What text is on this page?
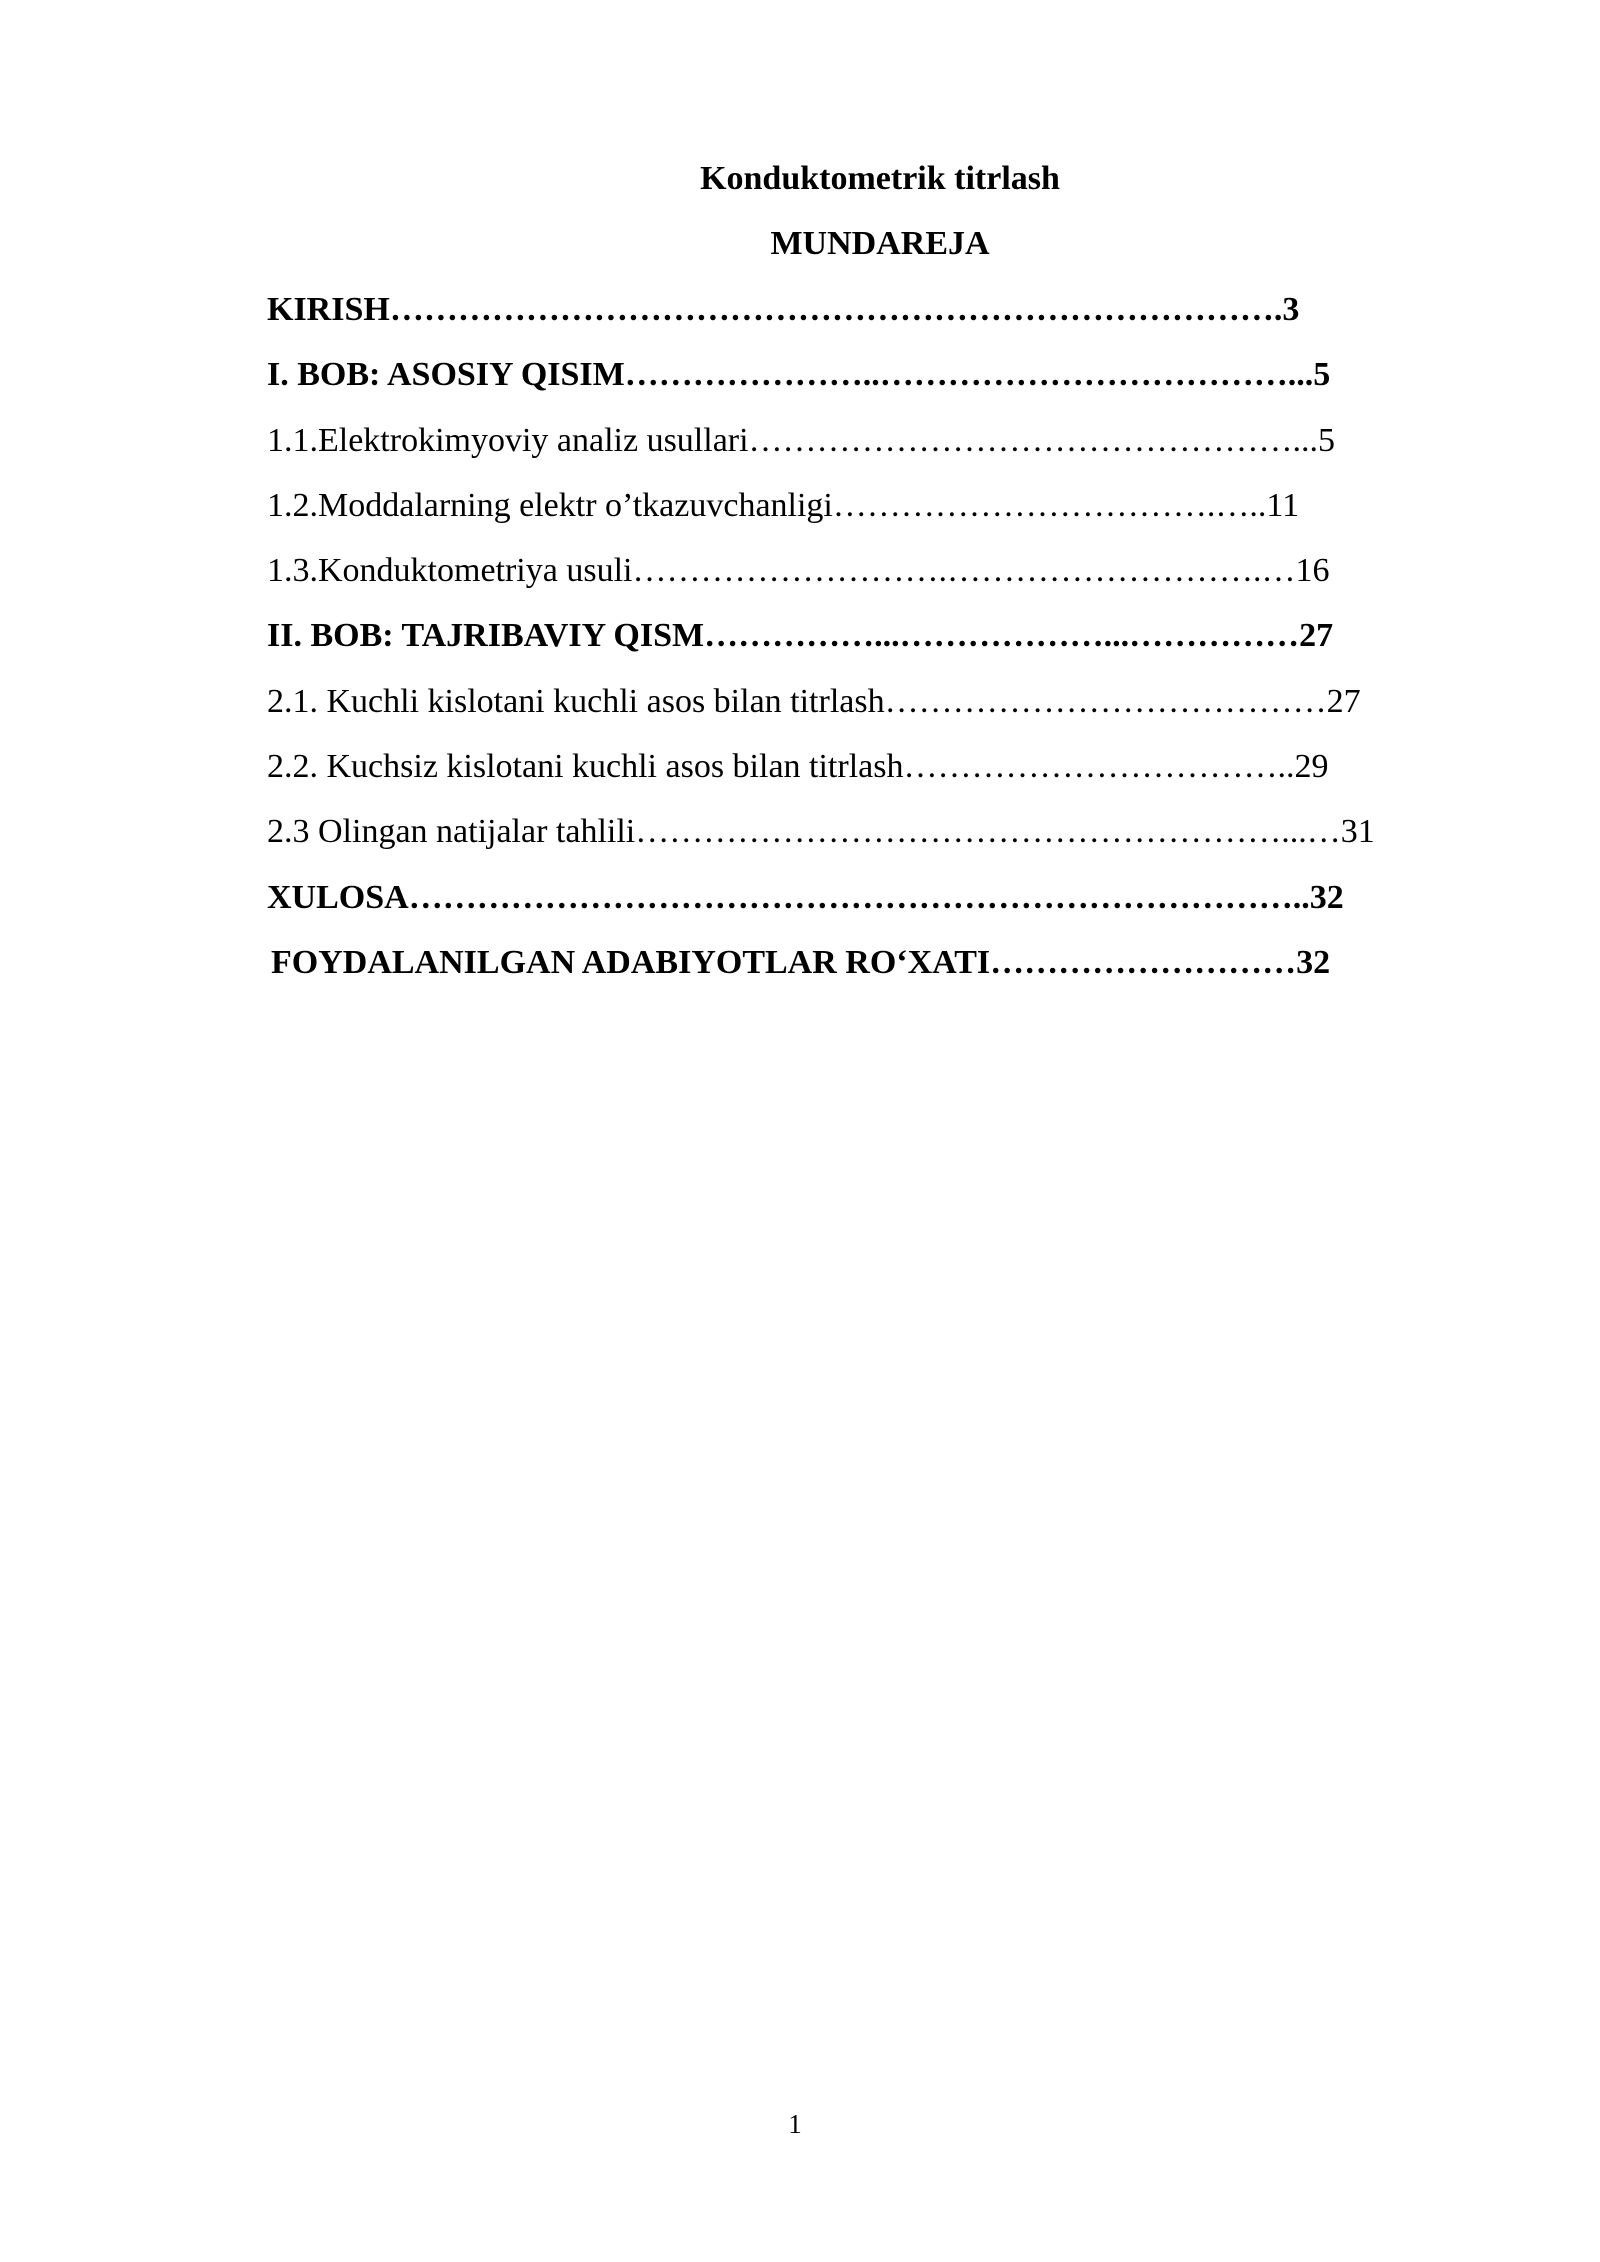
Konduktometrik titrlash
MUNDAREJA
KIRISH…………………………………………………………………….3
I. BOB: ASOSIY QISIM…………………..………………………………...5
1.1.Elektrokimyoviy analiz usullari…………………………………………...5
1.2.Moddalarning elektr o’tkazuvchanligi…………………………….…..11
1.3.Konduktometriya usuli……………………….……………………….…16
II. BOB: TAJRIBAVIY QISM……………...………………...……………27
2.1. Kuchli kislotani kuchli asos bilan titrlash…………………………………27
2.2. Kuchsiz kislotani kuchli asos bilan titrlash……………………………..29
2.3 Olingan natijalar tahlili…………………………………………………...…31
XULOSA……………………………………………………………………..32
FOYDALANILGAN ADABIYOTLAR RO‘XATI………………………32
1
